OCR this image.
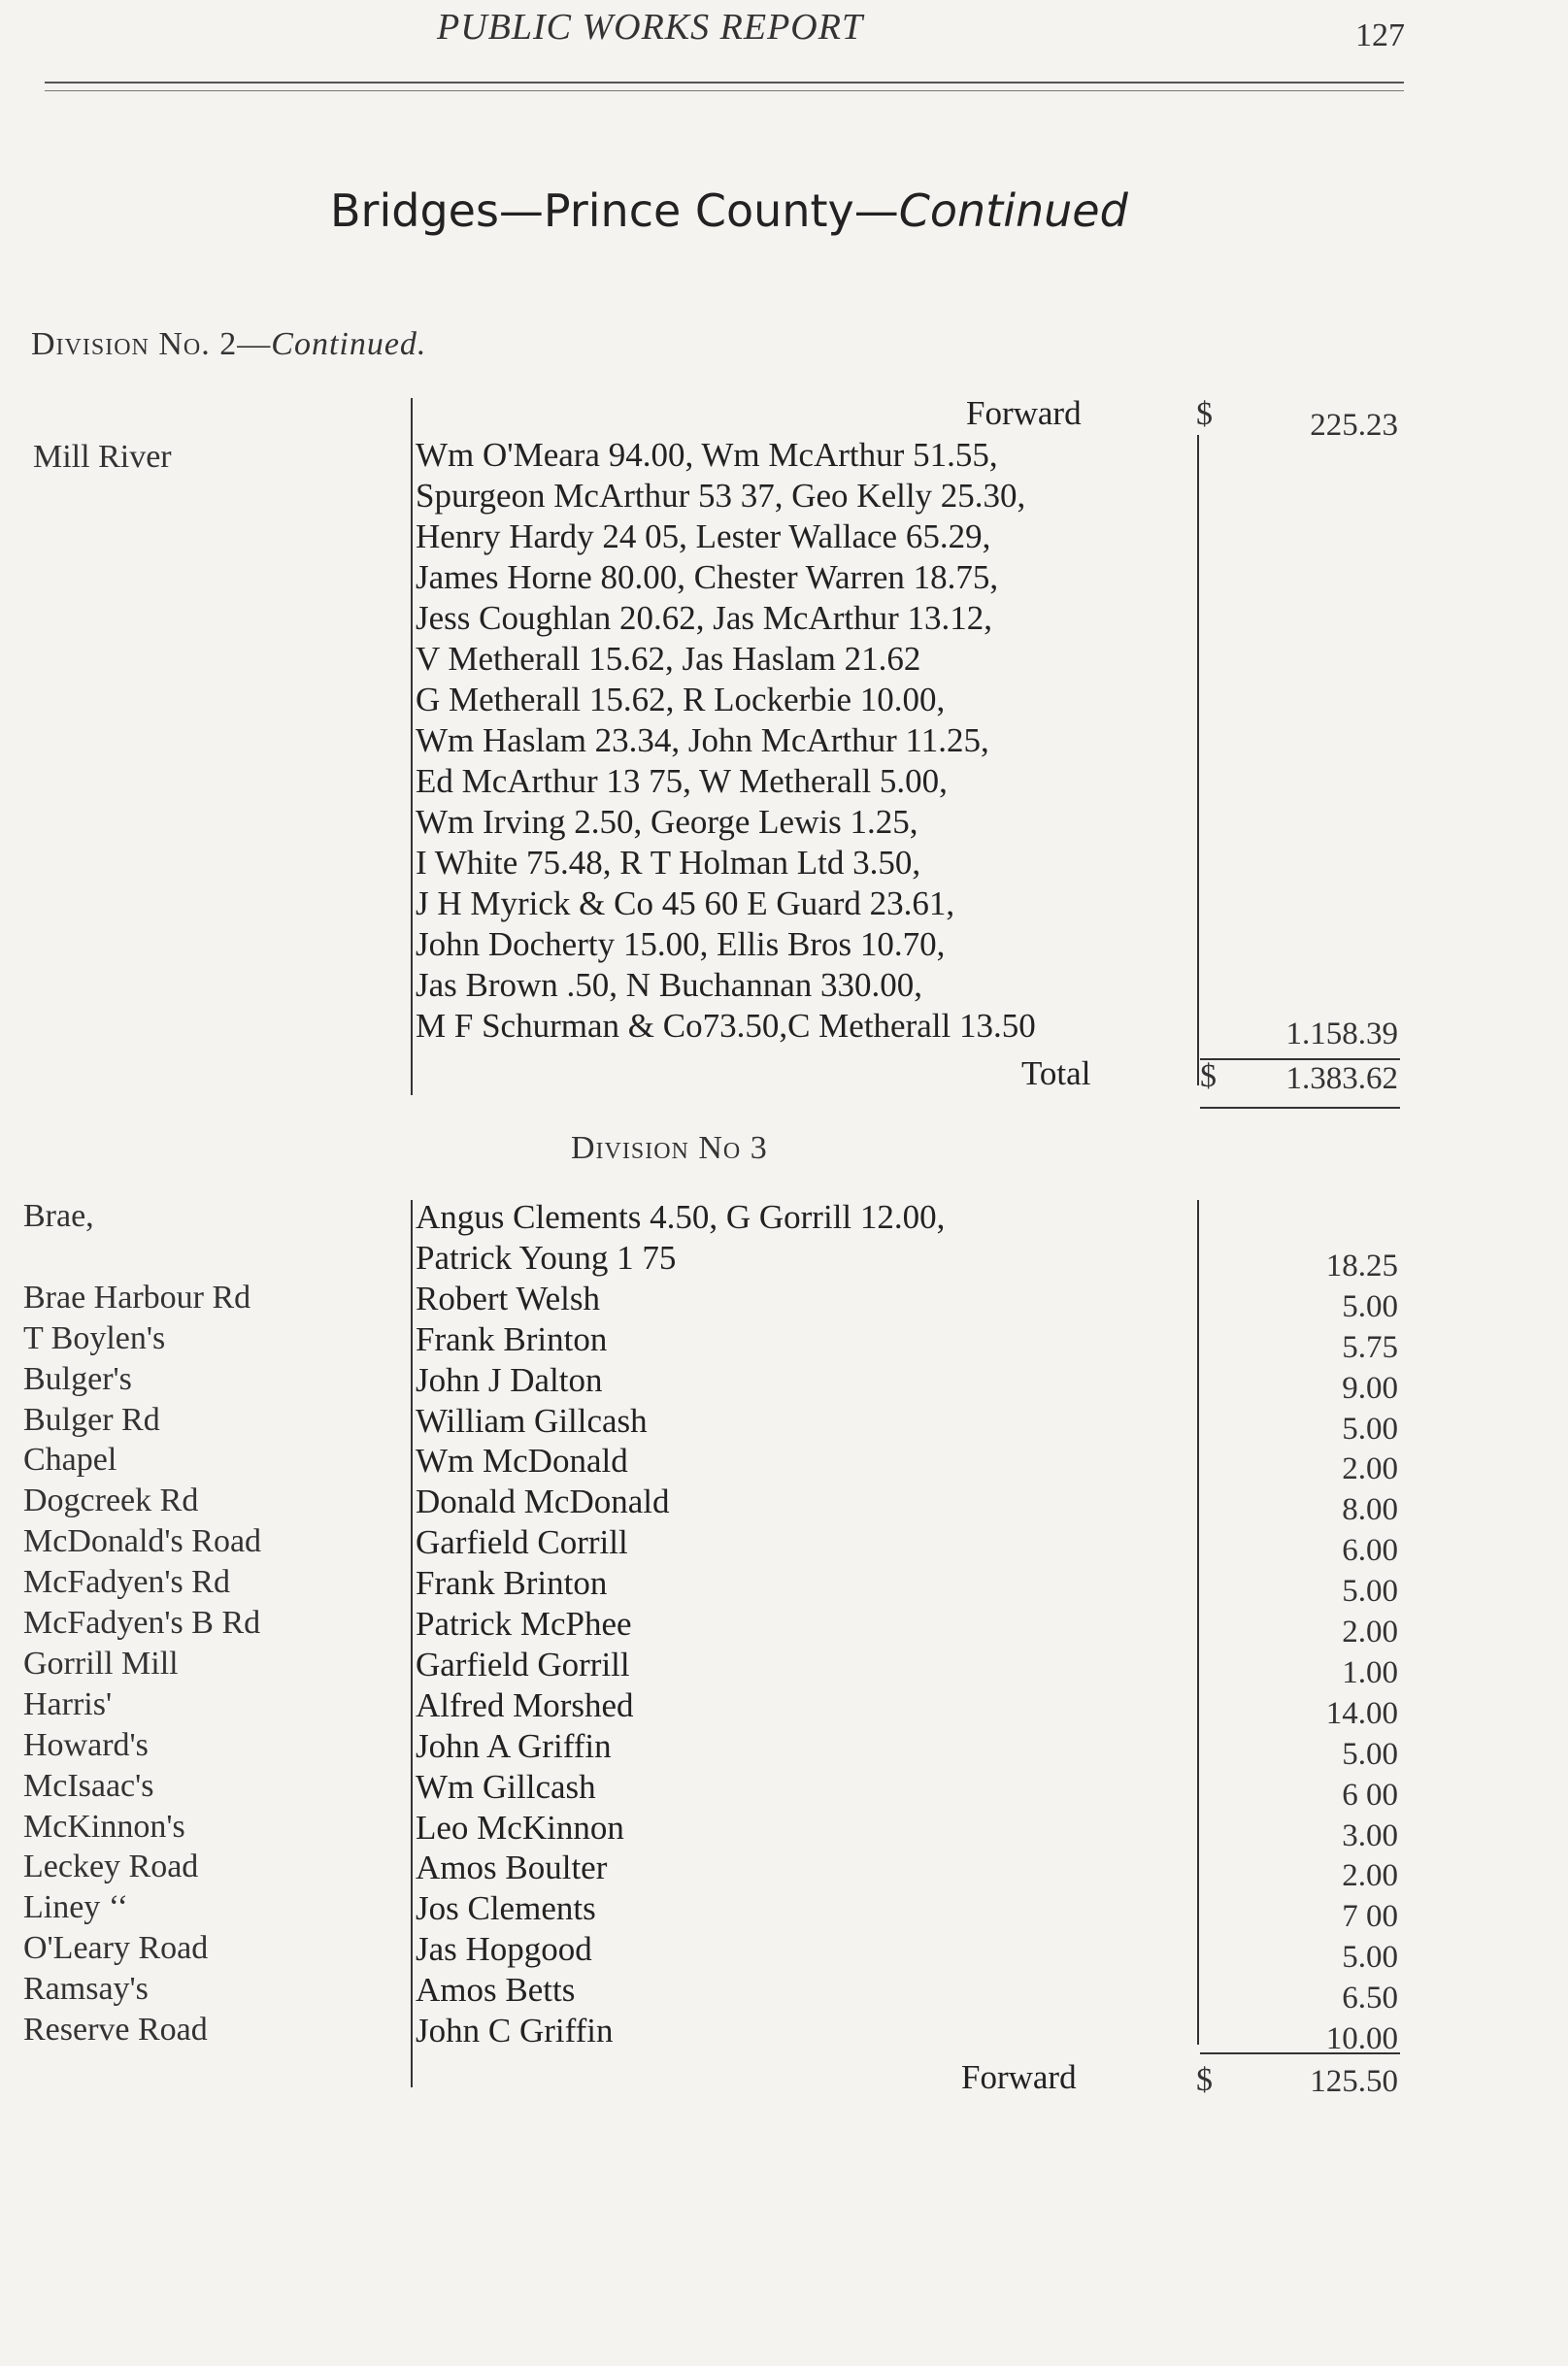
PUBLIC WORKS REPORT	127
Bridges—Prince County—Continued
Division No. 2—Continued.
Forward	$	225.23
Mill River	Wm O'Meara 94.00, Wm McArthur 51.55,
Spurgeon McArthur 53 37, Geo Kelly 25.30,
Henry Hardy 24 05, Lester Wallace 65.29,
James Horne 80.00, Chester Warren 18.75,
Jess Coughlan 20.62, Jas McArthur 13.12,
V Metherall 15.62, Jas Haslam 21.62
G Metherall 15.62, R Lockerbie 10.00,
Wm Haslam 23.34, John McArthur 11.25,
Ed McArthur 13 75, W Metherall 5.00,
Wm Irving 2.50, George Lewis 1.25,
I White 75.48, R T Holman Ltd 3.50,
J H Myrick & Co 45 60 E Guard 23.61,
John Docherty 15.00, Ellis Bros 10.70,
Jas Brown .50, N Buchannan 330.00,
M F Schurman & Co73.50,C Metherall 13.50	1.158.39
Total	$	1.383.62
Division No 3
Brae,	Angus Clements 4.50, G Gorrill 12.00,
Patrick Young 1 75	18.25
Brae Harbour Rd	Robert Welsh	5.00
T Boylen's	Frank Brinton	5.75
Bulger's	John J Dalton	9.00
Bulger Rd	William Gillcash	5.00
Chapel	Wm McDonald	2.00
Dogcreek Rd	Donald McDonald	8.00
McDonald's Road	Garfield Corrill	6.00
McFadyen's Rd	Frank Brinton	5.00
McFadyen's B Rd	Patrick McPhee	2.00
Gorrill Mill	Garfield Gorrill	1.00
Harris'	Alfred Morshed	14.00
Howard's	John A Griffin	5.00
McIsaac's	Wm Gillcash	6 00
McKinnon's	Leo McKinnon	3.00
Leckey Road	Amos Boulter	2.00
Liney ‘‘	Jos Clements	7 00
O'Leary Road	Jas Hopgood	5.00
Ramsay's	Amos Betts	6.50
Reserve Road	John C Griffin	10.00
Forward	$	125.50
